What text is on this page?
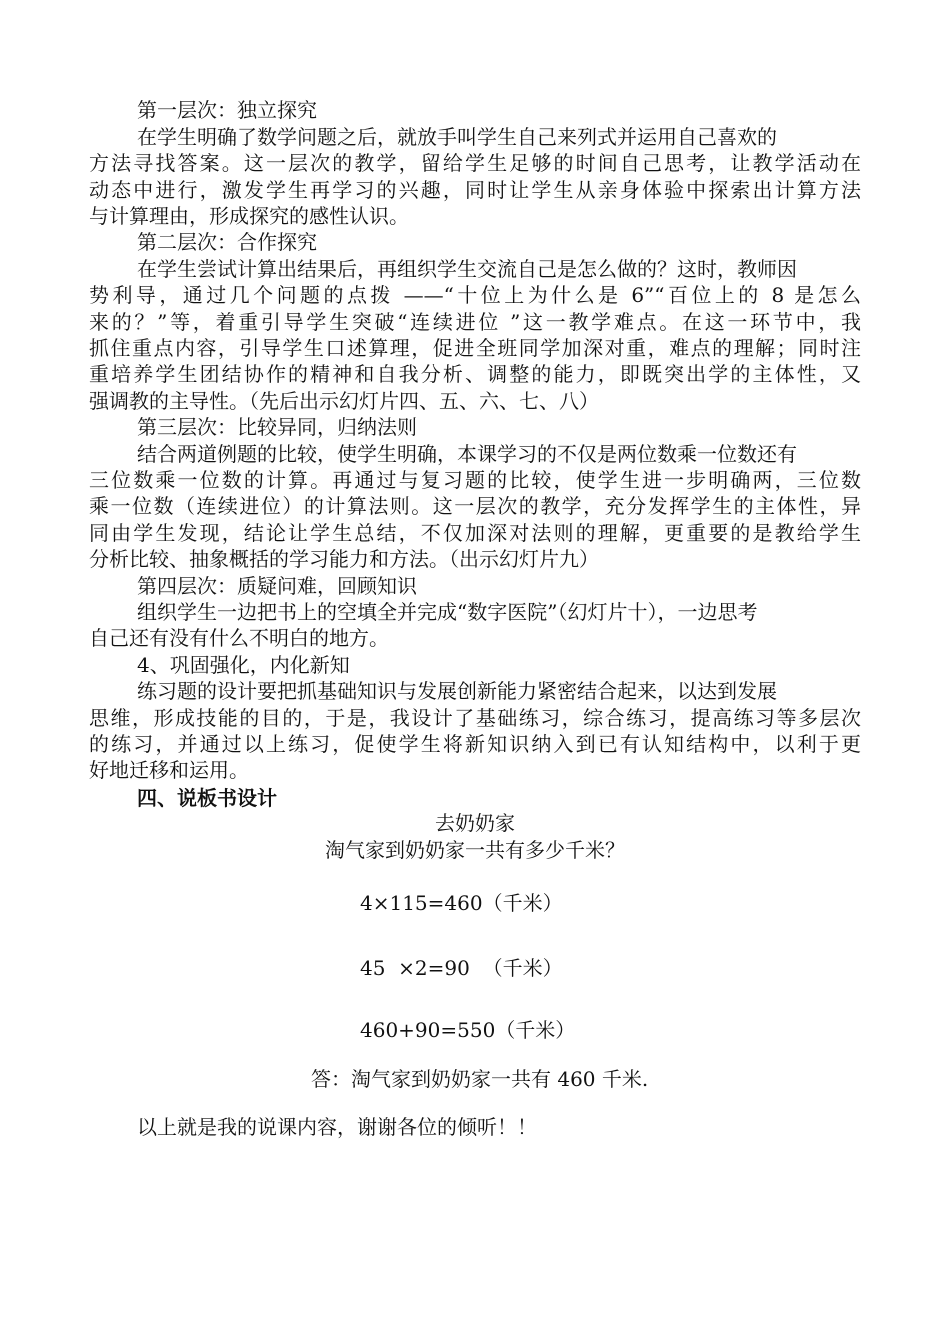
第一层次：独立探究
在学生明确了数学问题之后，就放手叫学生自己来列式并运用自己喜欢的
方法寻找答案。这一层次的教学，留给学生足够的时间自己思考，让教学活动在
动态中进行，激发学生再学习的兴趣，同时让学生从亲身体验中探索出计算方法
与计算理由，形成探究的感性认识。
第二层次：合作探究
在学生尝试计算出结果后，再组织学生交流自己是怎么做的？这时，教师因
势利导，通过几个问题的点拨 ——“十位上为什么是 6”“百位上的 8 是怎么
来的？”等，着重引导学生突破“连续进位 ”这一教学难点。在这一环节中，我
抓住重点内容，引导学生口述算理，促进全班同学加深对重，难点的理解；同时注
重培养学生团结协作的精神和自我分析、调整的能力，即既突出学的主体性，又
强调教的主导性。（先后出示幻灯片四、五、六、七、八）
第三层次：比较异同，归纳法则
结合两道例题的比较，使学生明确，本课学习的不仅是两位数乘一位数还有
三位数乘一位数的计算。再通过与复习题的比较，使学生进一步明确两，三位数
乘一位数（连续进位）的计算法则。这一层次的教学，充分发挥学生的主体性，异
同由学生发现，结论让学生总结，不仅加深对法则的理解，更重要的是教给学生
分析比较、抽象概括的学习能力和方法。（出示幻灯片九）
第四层次：质疑问难，回顾知识
组织学生一边把书上的空填全并完成“数字医院”（幻灯片十），一边思考
自己还有没有什么不明白的地方。
4、巩固强化，内化新知
练习题的设计要把抓基础知识与发展创新能力紧密结合起来，以达到发展
思维，形成技能的目的，于是，我设计了基础练习，综合练习，提高练习等多层次
的练习，并通过以上练习，促使学生将新知识纳入到已有认知结构中，以利于更
好地迁移和运用。
四、说板书设计
去奶奶家
淘气家到奶奶家一共有多少千米？
4×115=460（千米）
45  ×2=90  （千米）
460+90=550（千米）
答：淘气家到奶奶家一共有 460 千米.
以上就是我的说课内容，谢谢各位的倾听！！
